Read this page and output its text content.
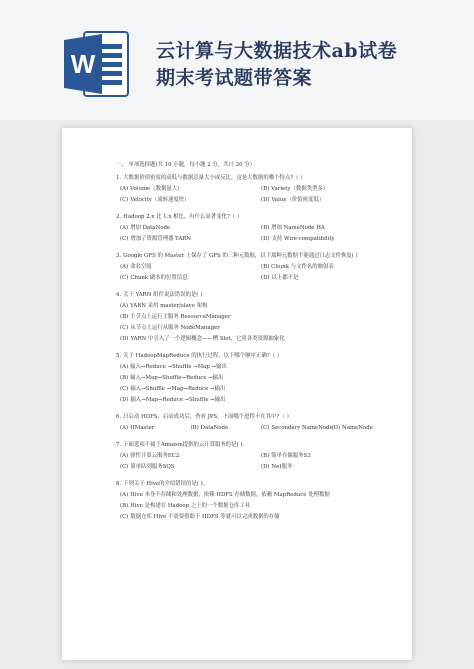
W	云计算与大数据技术ab试卷
期末考试题带答案
一、 单项选择题(共 10 小题，每小题 2 分，共计 20 分）
1. 大数据价值密度的高低与数据总量大小成反比。这是大数据的哪个特点?（ ）
(A) Volume（数据量大）	(B) Variety（数据类型多）
(C) Velocity（流转速度快）	(D) Value（价值密度低）
2. Hadoop 2.x 比 1.x 相比，有什么显著变化?（ ）
(A) 增加 DataNode	(B) 增加 NameNode HA
(C) 增加了资源管理器 YARN	(D) 支持 Wire-compatibility
3. Google GFS 的 Master 上保存了 GFS 的三种元数据，以下那种元数据不能通过日志文件恢复( )
(A) 命名空间	(B) Chunk 与文件名的映射表
(C) Chunk 副本的位置信息	(D) 以上都不是
4. 关于 YARN 组件说法错误的是( )
(A) YARN 采用 master/slave 架构
(B) 主节点上运行主服务 ResourceManager
(C) 从节点上运行从服务 NodeManager
(D) YARN 中引入了一个逻辑概念——槽 Slot，它将各类资源抽象化
5. 关于 HadoopMapReduce 的执行过程，以下哪个顺序正确?（ ）
(A) 输入→Reduce →Shuffle →Map →输出
(B) 输入→Map→Shuffle→Reduce →输出
(C) 输入→Shuffle →Map→Reduce →输出
(D) 输入→Map→Reduce →Shuffle →输出
6. 只启动 HDFS，启动成功后，查看 JPS，下面哪个进程不在其中?（ ）
(A) HMaster	(B) DataNode	(C) Secondary NameNode
(D) NameNode
7. 下面选项不属于Amazon提供的云计算服务的是( )。
(A) 弹性计算云服务EC2	(B) 简单存储服务S3
(C) 简单队列服务SQS	(D) Net服务
8. 下列关于 Hive的介绍错误的是( )。
(A) Hive 本身不存储和处理数据，依赖 HDFS 存储数据，依赖 MapReduce 处理数据
(B) Hive 是构建在 Hadoop 之上的一个数据仓库工具
(C) 数据仓库 Hive 不需要借助于 HDFS 等就可以完成数据的存储
